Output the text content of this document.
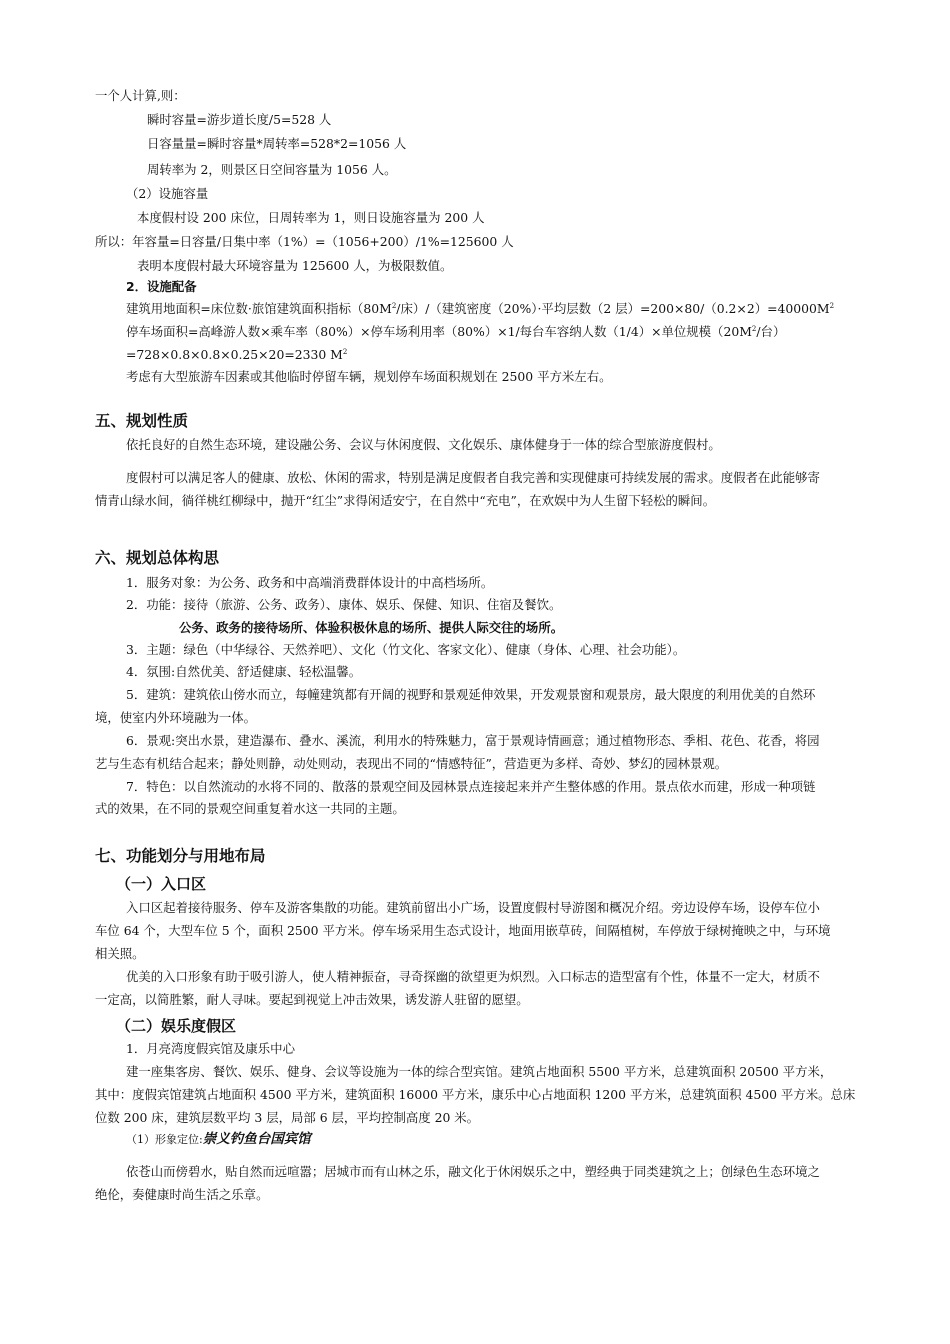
一个人计算,则：
瞬时容量=游步道长度/5=528 人
日容量量=瞬时容量*周转率=528*2=1056 人
周转率为 2，则景区日空间容量为 1056 人。
（2）设施容量
本度假村设 200 床位，日周转率为 1，则日设施容量为 200 人
所以：年容量=日容量/日集中率（1%）=（1056+200）/1%=125600 人
表明本度假村最大环境容量为 125600 人，为极限数值。
2．设施配备
建筑用地面积=床位数·旅馆建筑面积指标（$80M^2/$床）/（建筑密度（20%）·平均层数（2 层）$=200\times 80/(0.2\times 2)=40000M^2$
停车场面积=高峰游人数×乘车率（80%）×停车场利用率（80%）×1/每台车容纳人数（1/4）×单位规模（$20M^2/$台）
=728×0.8×0.8×0.25×20=2330 $M^2$
考虑有大型旅游车因素或其他临时停留车辆，规划停车场面积规划在 2500 平方米左右。
五、规划性质
依托良好的自然生态环境，建设融公务、会议与休闲度假、文化娱乐、康体健身于一体的综合型旅游度假村。
度假村可以满足客人的健康、放松、休闲的需求，特别是满足度假者自我完善和实现健康可持续发展的需求。度假者在此能够寄
情青山绿水间，徜徉桃红柳绿中，抛开“红尘”求得闲适安宁，在自然中“充电”，在欢娱中为人生留下轻松的瞬间。
六、规划总体构思
1．服务对象：为公务、政务和中高端消费群体设计的中高档场所。
2．功能：接待（旅游、公务、政务）、康体、娱乐、保健、知识、住宿及餐饮。
公务、政务的接待场所、体验积极休息的场所、提供人际交往的场所。
3．主题：绿色（中华绿谷、天然养吧）、文化（竹文化、客家文化）、健康（身体、心理、社会功能）。
4．氛围:自然优美、舒适健康、轻松温馨。
5．建筑：建筑依山傍水而立，每幢建筑都有开阔的视野和景观延伸效果，开发观景窗和观景房，最大限度的利用优美的自然环
境，使室内外环境融为一体。
6．景观:突出水景，建造瀑布、叠水、溪流，利用水的特殊魅力，富于景观诗情画意；通过植物形态、季相、花色、花香，将园
艺与生态有机结合起来；静处则静，动处则动，表现出不同的“情感特征”，营造更为多样、奇妙、梦幻的园林景观。
7．特色：以自然流动的水将不同的、散落的景观空间及园林景点连接起来并产生整体感的作用。景点依水而建，形成一种项链
式的效果，在不同的景观空间重复着水这一共同的主题。
七、功能划分与用地布局
（一）入口区
入口区起着接待服务、停车及游客集散的功能。建筑前留出小广场，设置度假村导游图和概况介绍。旁边设停车场，设停车位小
车位 64 个，大型车位 5 个，面积 2500 平方米。停车场采用生态式设计，地面用嵌草砖，间隔植树，车停放于绿树掩映之中，与环境
相关照。
优美的入口形象有助于吸引游人，使人精神振奋，寻奇探幽的欲望更为炽烈。入口标志的造型富有个性，体量不一定大，材质不
一定高，以简胜繁，耐人寻味。要起到视觉上冲击效果，诱发游人驻留的愿望。
（二）娱乐度假区
1．月亮湾度假宾馆及康乐中心
建一座集客房、餐饮、娱乐、健身、会议等设施为一体的综合型宾馆。建筑占地面积 5500 平方米，总建筑面积 20500 平方米，
其中：度假宾馆建筑占地面积 4500 平方米，建筑面积 16000 平方米，康乐中心占地面积 1200 平方米，总建筑面积 4500 平方米。总床
位数 200 床，建筑层数平均 3 层，局部 6 层，平均控制高度 20 米。
（1）形象定位:崇义钓鱼台国宾馆
依苍山而傍碧水，贴自然而远喧嚣；居城市而有山林之乐，融文化于休闲娱乐之中，塑经典于同类建筑之上；创绿色生态环境之
绝伦，奏健康时尚生活之乐章。
